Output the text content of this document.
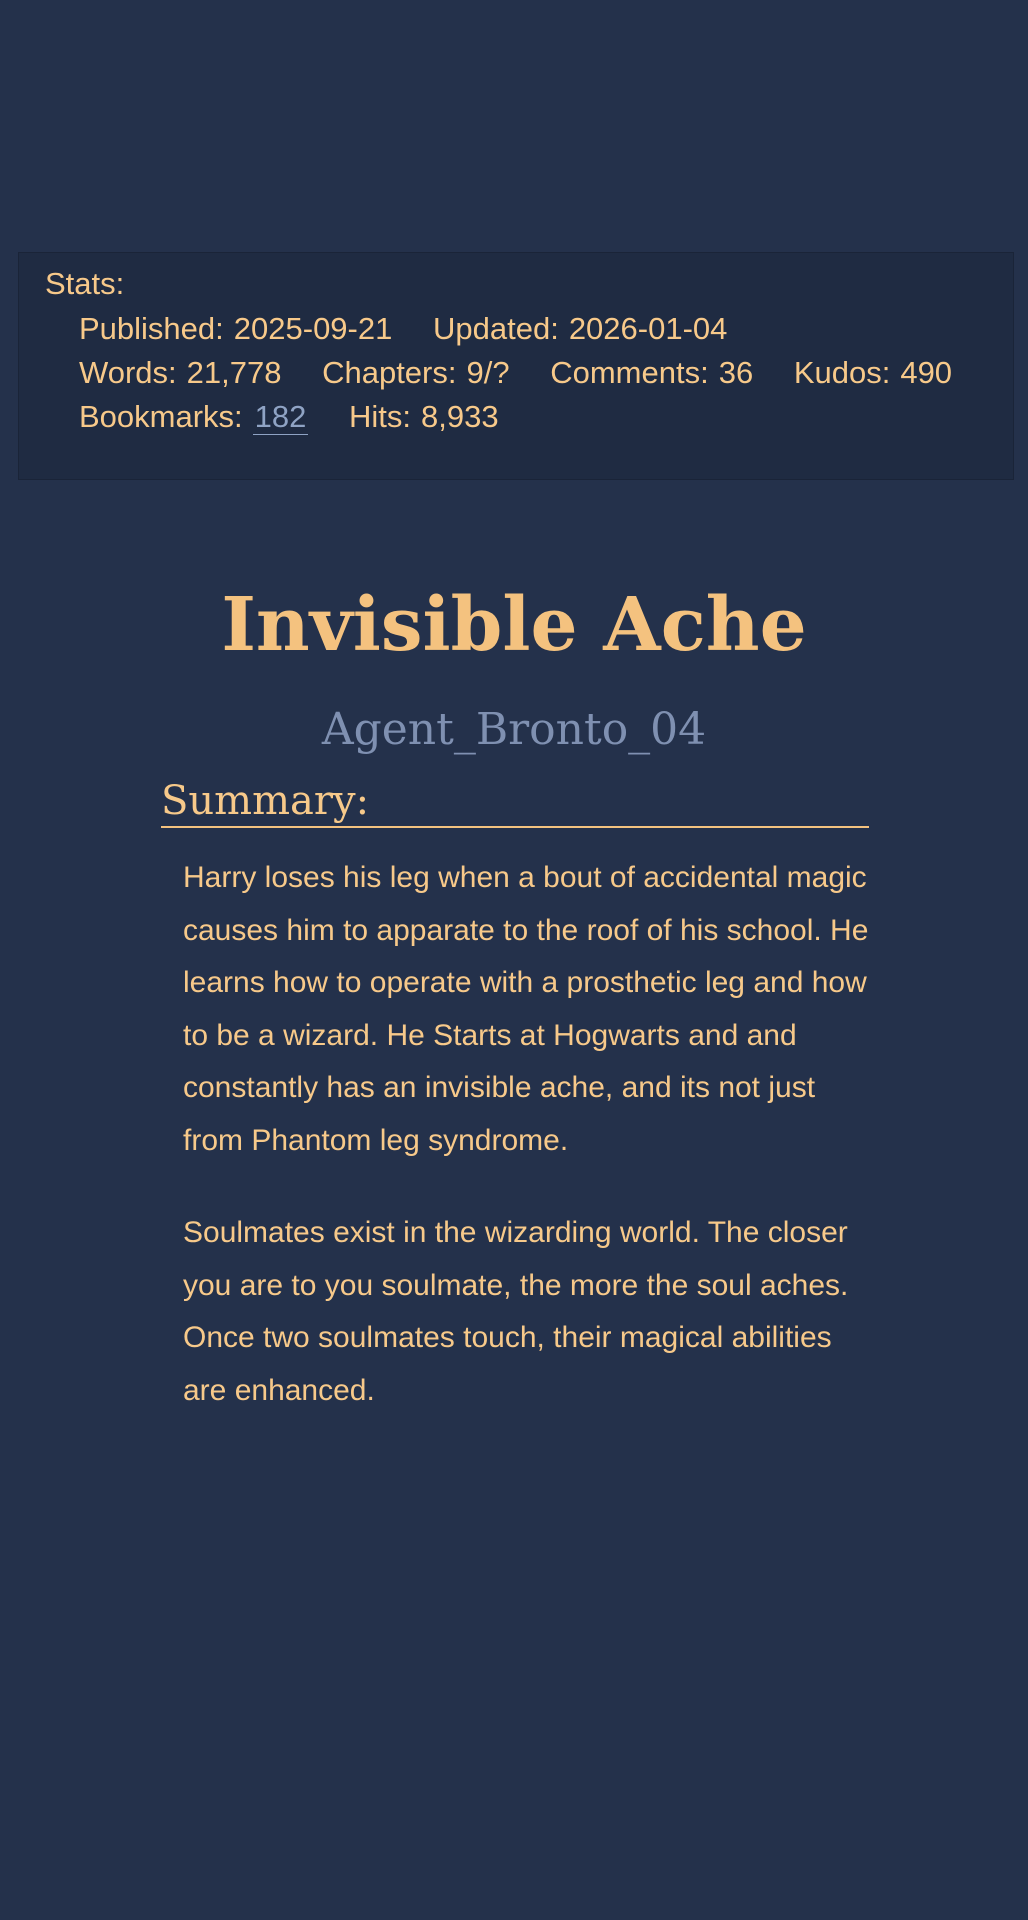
Stats:
Published: 2025-09-21 Updated: 2026-01-04 Words: 21,778 Chapters: 9/? Comments: 36 Kudos: 490 Bookmarks: 182 Hits: 8,933
Invisible Ache
Agent_Bronto_04
Summary:

Harry loses his leg when a bout of accidental magic causes him to apparate to the roof of his school. He learns how to operate with a prosthetic leg and how to be a wizard. He Starts at Hogwarts and and constantly has an invisible ache, and its not just from Phantom leg syndrome.

Soulmates exist in the wizarding world. The closer you are to you soulmate, the more the soul aches. Once two soulmates touch, their magical abilities are enhanced.
